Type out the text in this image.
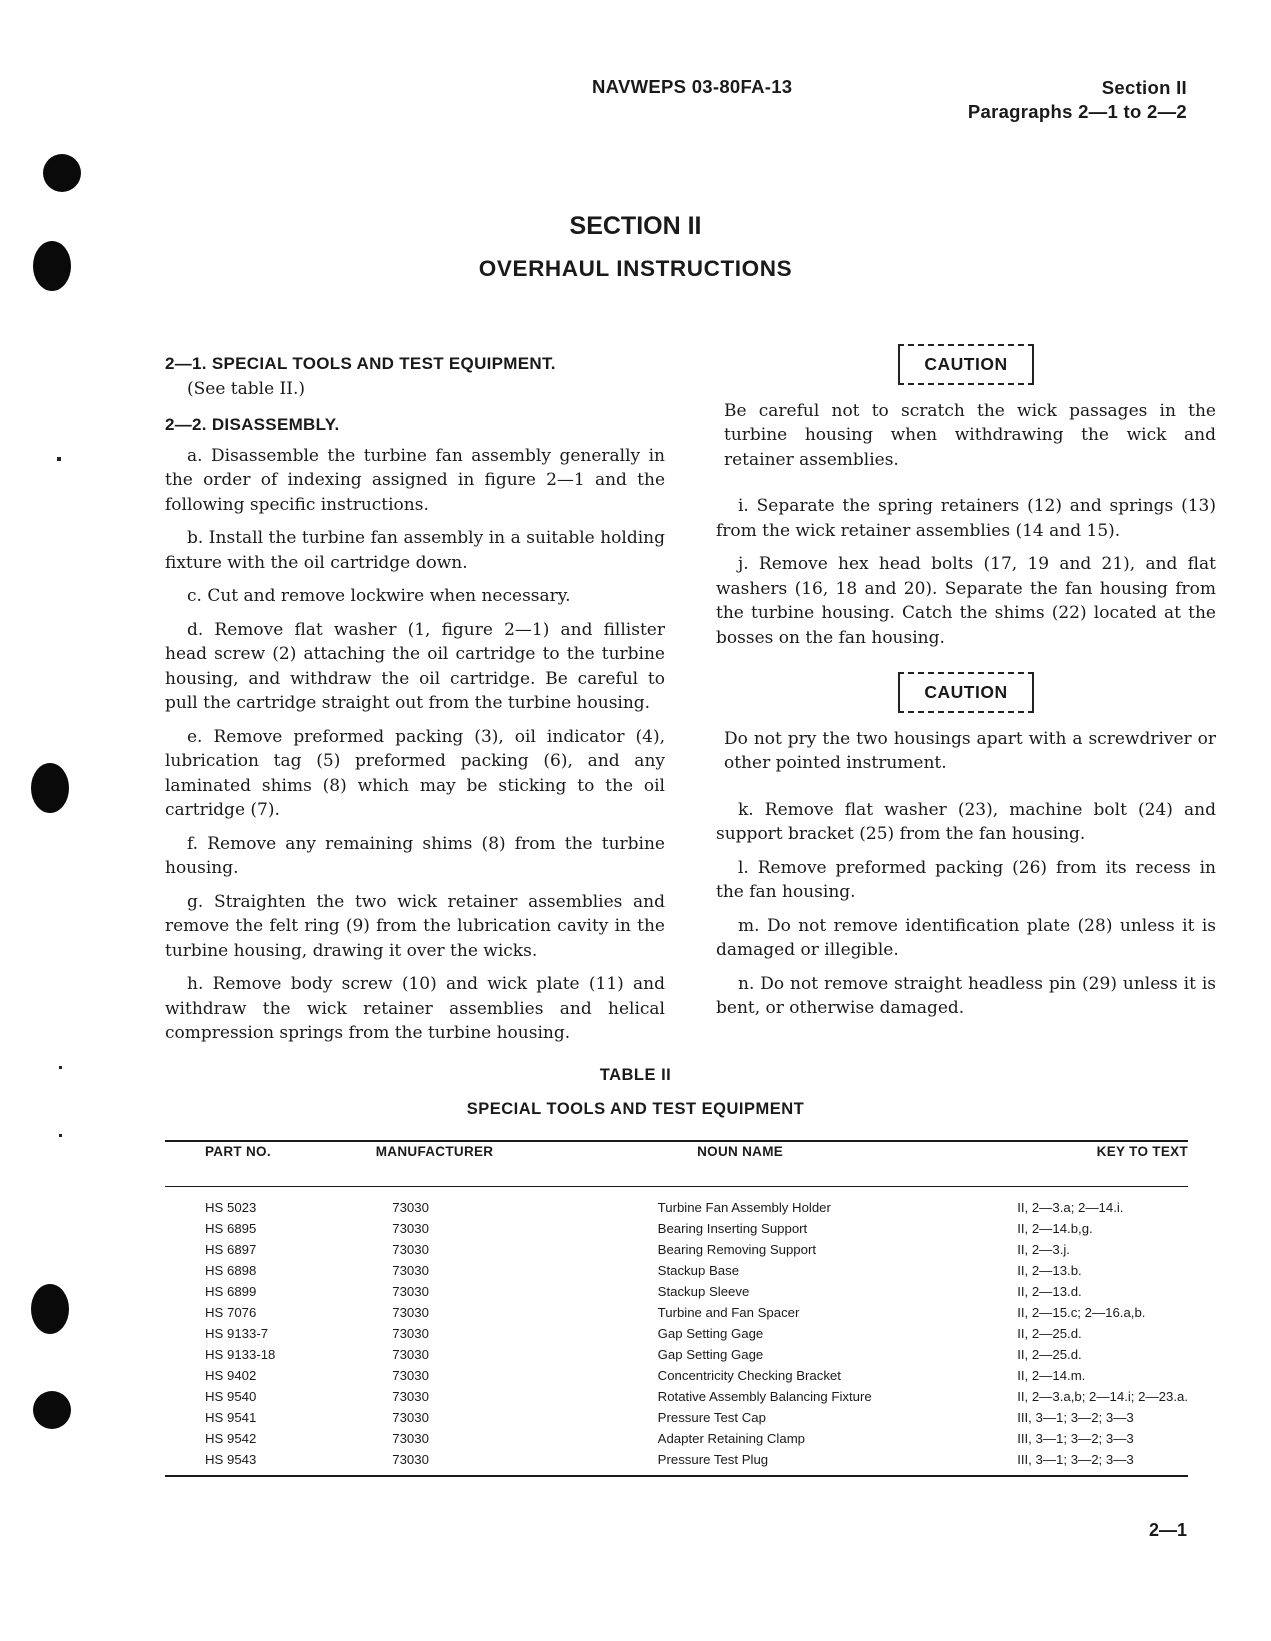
NAVWEPS 03-80FA-13	Section II
Paragraphs 2—1 to 2—2
SECTION II
OVERHAUL INSTRUCTIONS

2—1. SPECIAL TOOLS AND TEST EQUIPMENT.

(See table II.)

2—2. DISASSEMBLY.

a. Disassemble the turbine fan assembly generally in the order of indexing assigned in figure 2—1 and the following specific instructions.

b. Install the turbine fan assembly in a suitable holding fixture with the oil cartridge down.

c. Cut and remove lockwire when necessary.

d. Remove flat washer (1, figure 2—1) and fillister head screw (2) attaching the oil cartridge to the turbine housing, and withdraw the oil cartridge. Be careful to pull the cartridge straight out from the turbine housing.

e. Remove preformed packing (3), oil indicator (4), lubrication tag (5) preformed packing (6), and any laminated shims (8) which may be sticking to the oil cartridge (7).

f. Remove any remaining shims (8) from the turbine housing.

g. Straighten the two wick retainer assemblies and remove the felt ring (9) from the lubrication cavity in the turbine housing, drawing it over the wicks.

h. Remove body screw (10) and wick plate (11) and withdraw the wick retainer assemblies and helical compression springs from the turbine housing.

CAUTION

Be careful not to scratch the wick passages in the turbine housing when withdrawing the wick and retainer assemblies.

i. Separate the spring retainers (12) and springs (13) from the wick retainer assemblies (14 and 15).

j. Remove hex head bolts (17, 19 and 21), and flat washers (16, 18 and 20). Separate the fan housing from the turbine housing. Catch the shims (22) located at the bosses on the fan housing.

CAUTION

Do not pry the two housings apart with a screwdriver or other pointed instrument.

k. Remove flat washer (23), machine bolt (24) and support bracket (25) from the fan housing.

l. Remove preformed packing (26) from its recess in the fan housing.

m. Do not remove identification plate (28) unless it is damaged or illegible.

n. Do not remove straight headless pin (29) unless it is bent, or otherwise damaged.

TABLE II
SPECIAL TOOLS AND TEST EQUIPMENT
PART NO.	MANUFACTURER	NOUN NAME	KEY TO TEXT

HS 5023	73030	Turbine Fan Assembly Holder	II, 2—3.a; 2—14.i.
HS 6895	73030	Bearing Inserting Support	II, 2—14.b,g.
HS 6897	73030	Bearing Removing Support	II, 2—3.j.
HS 6898	73030	Stackup Base	II, 2—13.b.
HS 6899	73030	Stackup Sleeve	II, 2—13.d.
HS 7076	73030	Turbine and Fan Spacer	II, 2—15.c; 2—16.a,b.
HS 9133-7	73030	Gap Setting Gage	II, 2—25.d.
HS 9133-18	73030	Gap Setting Gage	II, 2—25.d.
HS 9402	73030	Concentricity Checking Bracket	II, 2—14.m.
HS 9540	73030	Rotative Assembly Balancing Fixture	II, 2—3.a,b; 2—14.i; 2—23.a.
HS 9541	73030	Pressure Test Cap	III, 3—1; 3—2; 3—3
HS 9542	73030	Adapter Retaining Clamp	III, 3—1; 3—2; 3—3
HS 9543	73030	Pressure Test Plug	III, 3—1; 3—2; 3—3
2—1
